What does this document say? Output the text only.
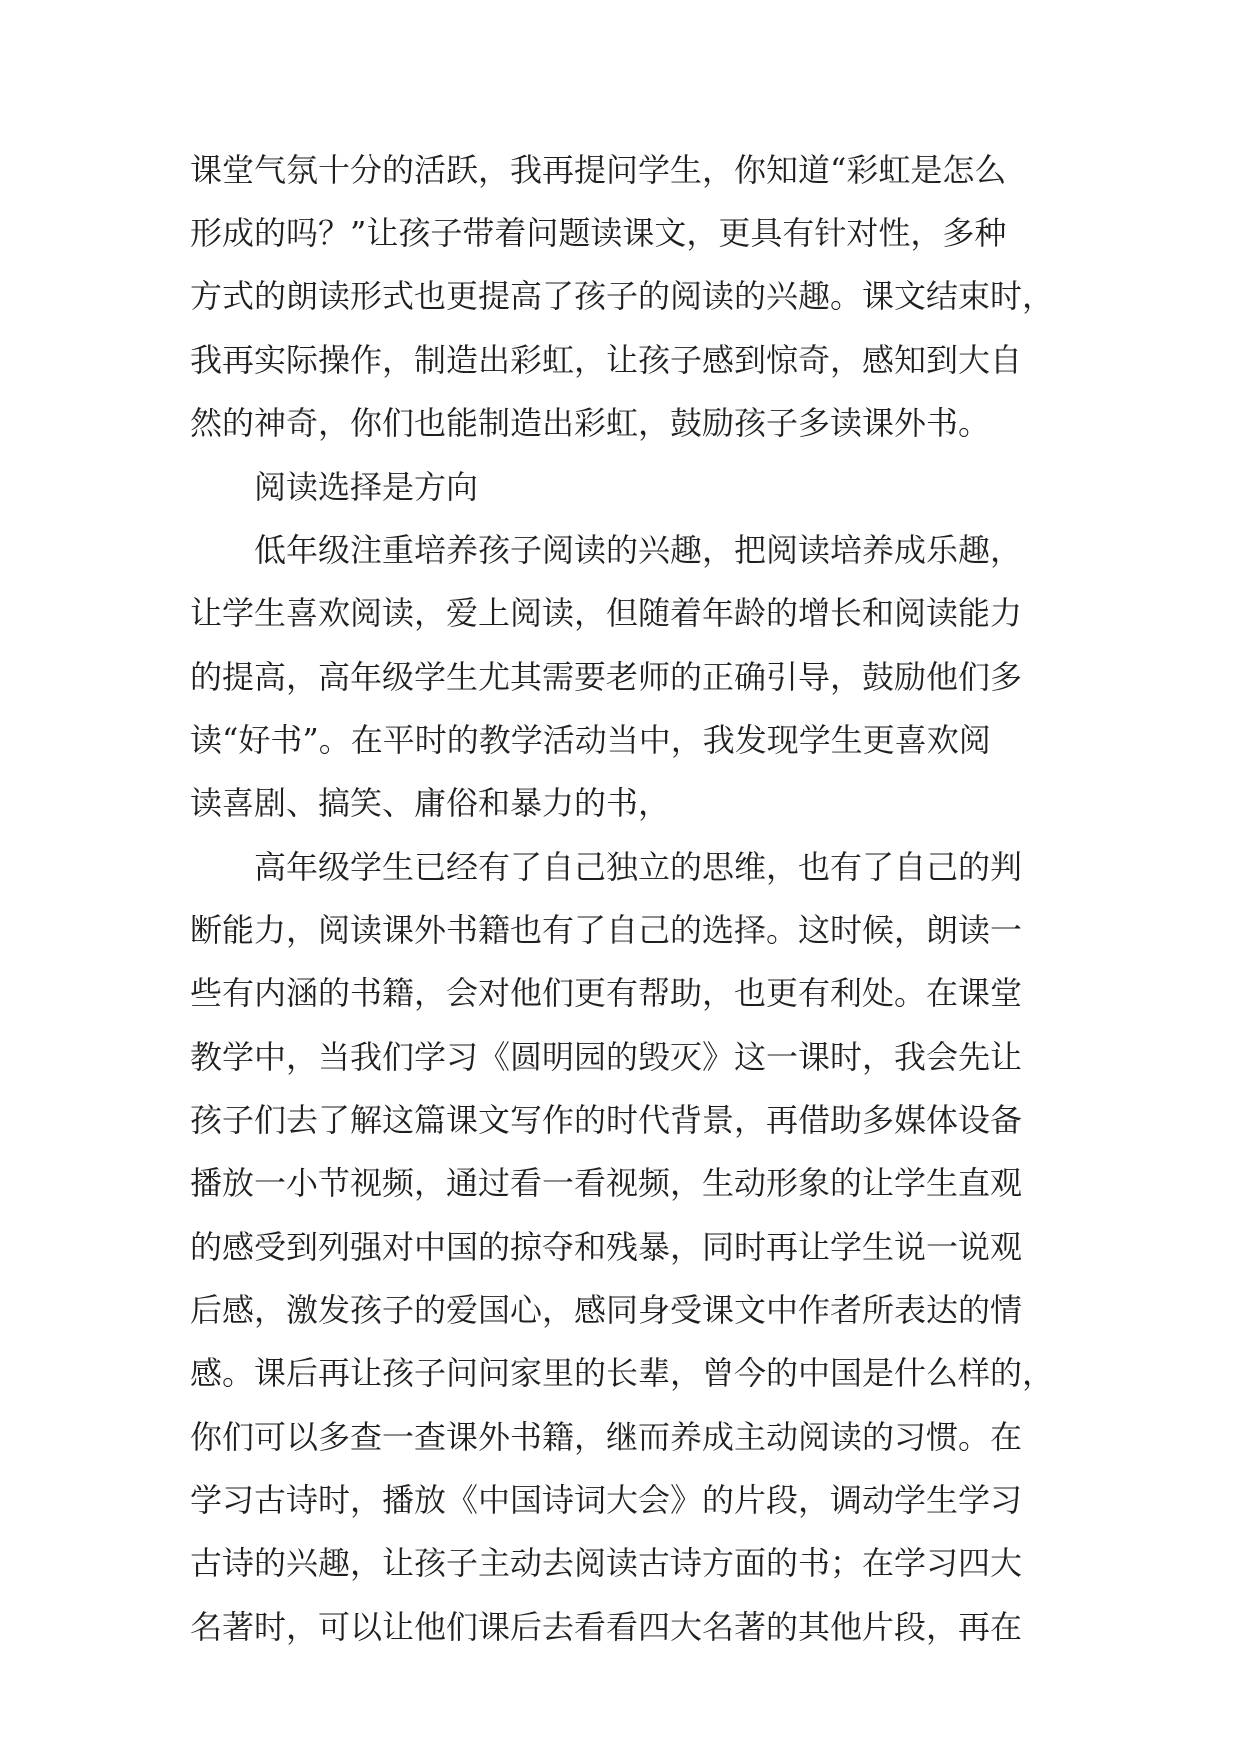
课堂气氛十分的活跃，我再提问学生，你知道“彩虹是怎么
形成的吗？”让孩子带着问题读课文，更具有针对性，多种
方式的朗读形式也更提高了孩子的阅读的兴趣。课文结束时，
我再实际操作，制造出彩虹，让孩子感到惊奇，感知到大自
然的神奇，你们也能制造出彩虹，鼓励孩子多读课外书。
阅读选择是方向
低年级注重培养孩子阅读的兴趣，把阅读培养成乐趣，
让学生喜欢阅读，爱上阅读，但随着年龄的增长和阅读能力
的提高，高年级学生尤其需要老师的正确引导，鼓励他们多
读“好书”。在平时的教学活动当中，我发现学生更喜欢阅
读喜剧、搞笑、庸俗和暴力的书，
高年级学生已经有了自己独立的思维，也有了自己的判
断能力，阅读课外书籍也有了自己的选择。这时候，朗读一
些有内涵的书籍，会对他们更有帮助，也更有利处。在课堂
教学中，当我们学习《圆明园的毁灭》这一课时，我会先让
孩子们去了解这篇课文写作的时代背景，再借助多媒体设备
播放一小节视频，通过看一看视频，生动形象的让学生直观
的感受到列强对中国的掠夺和残暴，同时再让学生说一说观
后感，激发孩子的爱国心，感同身受课文中作者所表达的情
感。课后再让孩子问问家里的长辈，曾今的中国是什么样的，
你们可以多查一查课外书籍，继而养成主动阅读的习惯。在
学习古诗时，播放《中国诗词大会》的片段，调动学生学习
古诗的兴趣，让孩子主动去阅读古诗方面的书；在学习四大
名著时，可以让他们课后去看看四大名著的其他片段，再在
